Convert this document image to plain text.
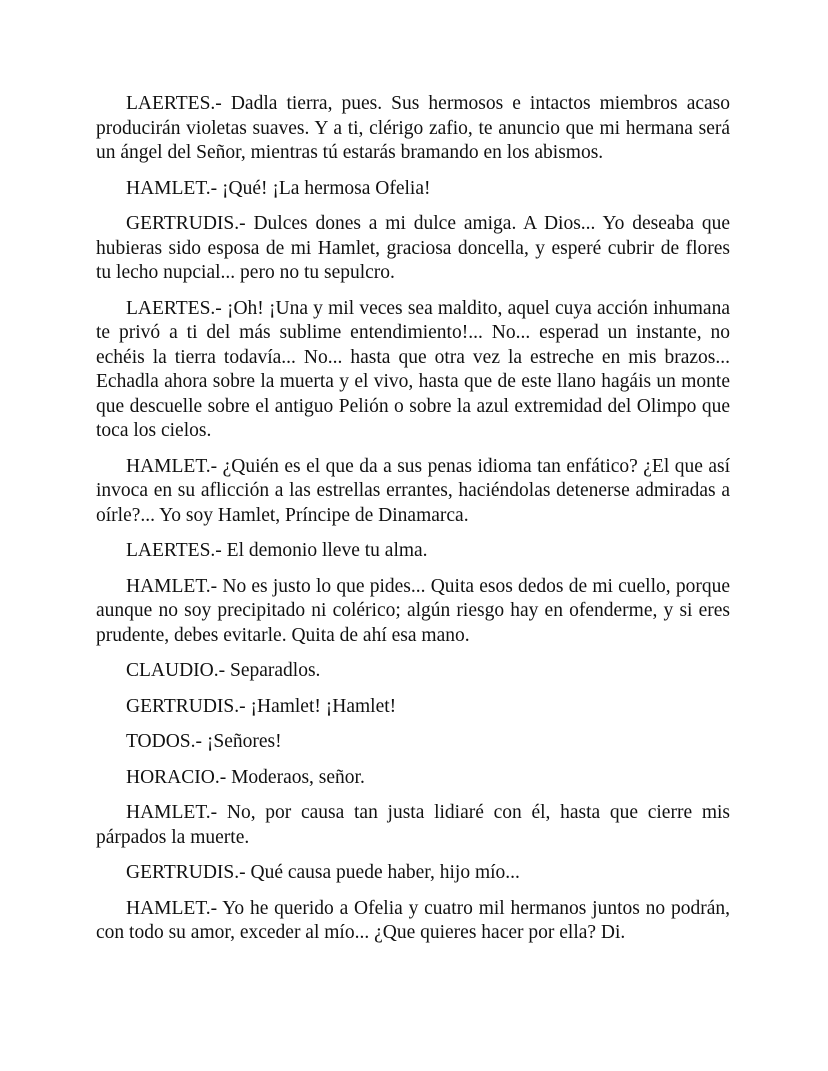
LAERTES.- Dadla tierra, pues. Sus hermosos e intactos miembros acaso producirán violetas suaves. Y a ti, clérigo zafio, te anuncio que mi hermana será un ángel del Señor, mientras tú estarás bramando en los abismos.

HAMLET.- ¡Qué! ¡La hermosa Ofelia!

GERTRUDIS.- Dulces dones a mi dulce amiga. A Dios... Yo deseaba que hubieras sido esposa de mi Hamlet, graciosa doncella, y esperé cubrir de flores tu lecho nupcial... pero no tu sepulcro.

LAERTES.- ¡Oh! ¡Una y mil veces sea maldito, aquel cuya acción inhumana te privó a ti del más sublime entendimiento!... No... esperad un instante, no echéis la tierra todavía... No... hasta que otra vez la estreche en mis brazos... Echadla ahora sobre la muerta y el vivo, hasta que de este llano hagáis un monte que descuelle sobre el antiguo Pelión o sobre la azul extremidad del Olimpo que toca los cielos.

HAMLET.- ¿Quién es el que da a sus penas idioma tan enfático? ¿El que así invoca en su aflicción a las estrellas errantes, haciéndolas detenerse admiradas a oírle?... Yo soy Hamlet, Príncipe de Dinamarca.

LAERTES.- El demonio lleve tu alma.

HAMLET.- No es justo lo que pides... Quita esos dedos de mi cuello, porque aunque no soy precipitado ni colérico; algún riesgo hay en ofenderme, y si eres prudente, debes evitarle. Quita de ahí esa mano.

CLAUDIO.- Separadlos.

GERTRUDIS.- ¡Hamlet! ¡Hamlet!

TODOS.- ¡Señores!

HORACIO.- Moderaos, señor.

HAMLET.- No, por causa tan justa lidiaré con él, hasta que cierre mis párpados la muerte.

GERTRUDIS.- Qué causa puede haber, hijo mío...

HAMLET.- Yo he querido a Ofelia y cuatro mil hermanos juntos no podrán, con todo su amor, exceder al mío... ¿Que quieres hacer por ella? Di.
